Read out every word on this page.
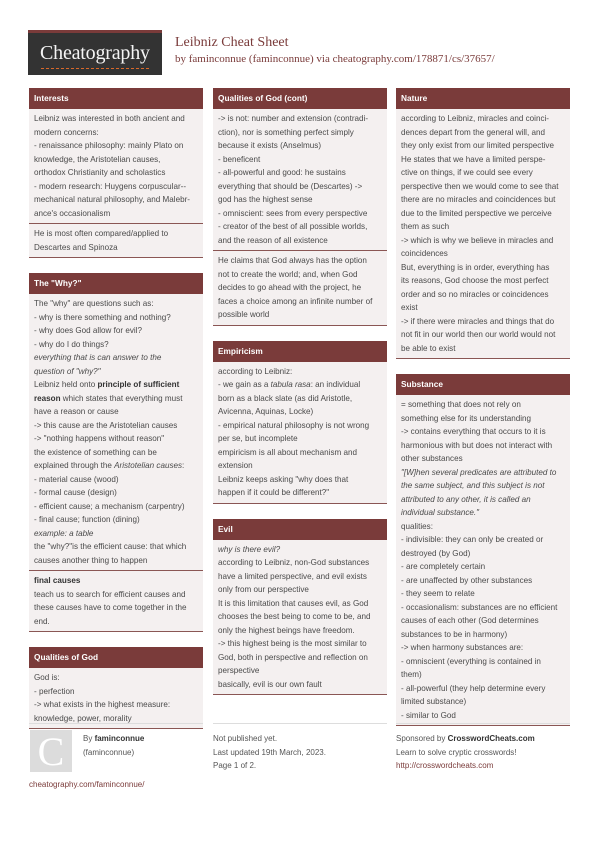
Cheatography Leibniz Cheat Sheet
by faminconnue (faminconnue) via cheatography.com/178871/cs/37657/
Interests
Leibniz was interested in both ancient and
modern concerns:
- renaissance philosophy: mainly Plato on
knowledge, the Aristotelian causes,
orthodox Christianity and scholastics
- modern research: Huygens corpuscular--
mechanical natural philosophy, and Malebr-
ance's occasionalism
He is most often compared/applied to
Descartes and Spinoza
The "Why?"
The "why" are questions such as:
- why is there something and nothing?
- why does God allow for evil?
- why do I do things?
everything that is can answer to the
question of "why?"
Leibniz held onto principle of sufficient
reason which states that everything must
have a reason or cause
-> this cause are the Aristotelian causes
-> "nothing happens without reason"
the existence of something can be
explained through the Aristotelian causes:
- material cause (wood)
- formal cause (design)
- efficient cause; a mechanism (carpentry)
- final cause; function (dining)
example: a table
the "why?"is the efficient cause: that which
causes another thing to happen
final causes
teach us to search for efficient causes and
these causes have to come together in the
end.
Qualities of God
God is:
- perfection
-> what exists in the highest measure:
knowledge, power, morality
Qualities of God (cont)
-> is not: number and extension (contradi-
ction), nor is something perfect simply
because it exists (Anselmus)
- beneficent
- all-powerful and good: he sustains
everything that should be (Descartes) ->
god has the highest sense
- omniscient: sees from every perspective
- creator of the best of all possible worlds,
and the reason of all existence
He claims that God always has the option
not to create the world; and, when God
decides to go ahead with the project, he
faces a choice among an infinite number of
possible world
Empiricism
according to Leibniz:
- we gain as a tabula rasa: an individual
born as a black slate (as did Aristotle,
Avicenna, Aquinas, Locke)
- empirical natural philosophy is not wrong
per se, but incomplete
empiricism is all about mechanism and
extension
Leibniz keeps asking "why does that
happen if it could be different?"
Evil
why is there evil?
according to Leibniz, non-God substances
have a limited perspective, and evil exists
only from our perspective
It is this limitation that causes evil, as God
chooses the best being to come to be, and
only the highest beings have freedom.
-> this highest being is the most similar to
God, both in perspective and reflection on
perspective
basically, evil is our own fault
Nature
according to Leibniz, miracles and coinci-
dences depart from the general will, and
they only exist from our limited perspective
He states that we have a limited perspe-
ctive on things, if we could see every
perspective then we would come to see that
there are no miracles and coincidences but
due to the limited perspective we perceive
them as such
-> which is why we believe in miracles and
coincidences
But, everything is in order, everything has
its reasons, God choose the most perfect
order and so no miracles or coincidences
exist
-> if there were miracles and things that do
not fit in our world then our world would not
be able to exist
Substance
= something that does not rely on
something else for its understanding
-> contains everything that occurs to it is
harmonious with but does not interact with
other substances
"[W]hen several predicates are attributed to
the same subject, and this subject is not
attributed to any other, it is called an
individual substance."
qualities:
- indivisible: they can only be created or
destroyed (by God)
- are completely certain
- are unaffected by other substances
- they seem to relate
- occasionalism: substances are no efficient
causes of each other (God determines
substances to be in harmony)
-> when harmony substances are:
- omniscient (everything is contained in
them)
- all-powerful (they help determine every
limited substance)
- similar to God
C	By faminconnue
(faminconnue)
cheatography.com/faminconnue/
Not published yet.
Last updated 19th March, 2023.
Page 1 of 2.
Sponsored by CrosswordCheats.com
Learn to solve cryptic crosswords!
http://crosswordcheats.com
